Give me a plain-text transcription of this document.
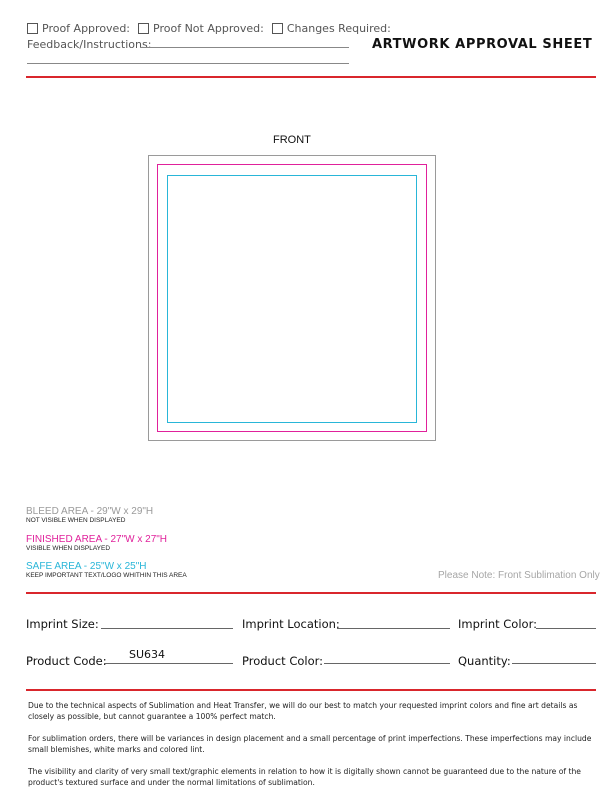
Proof Approved: Proof Not Approved: Changes Required:
Feedback/Instructions:	ARTWORK APPROVAL SHEET
FRONT
BLEED AREA - 29"W x 29"H
NOT VISIBLE WHEN DISPLAYED
FINISHED AREA - 27"W x 27"H
VISIBLE WHEN DISPLAYED
SAFE AREA - 25"W x 25"H
KEEP IMPORTANT TEXT/LOGO WHITHIN THIS AREA	Please Note: Front Sublimation Only
Imprint Size:	Imprint Location:	Imprint Color:
Product Code: SU634	Product Color:	Quantity:
Due to the technical aspects of Sublimation and Heat Transfer, we will do our best to match your requested imprint colors and fine art details as closely as possible, but cannot guarantee a 100% perfect match.
For sublimation orders, there will be variances in design placement and a small percentage of print imperfections. These imperfections may include small blemishes, white marks and colored lint.
The visibility and clarity of very small text/graphic elements in relation to how it is digitally shown cannot be guaranteed due to the nature of the product's textured surface and under the normal limitations of sublimation.
